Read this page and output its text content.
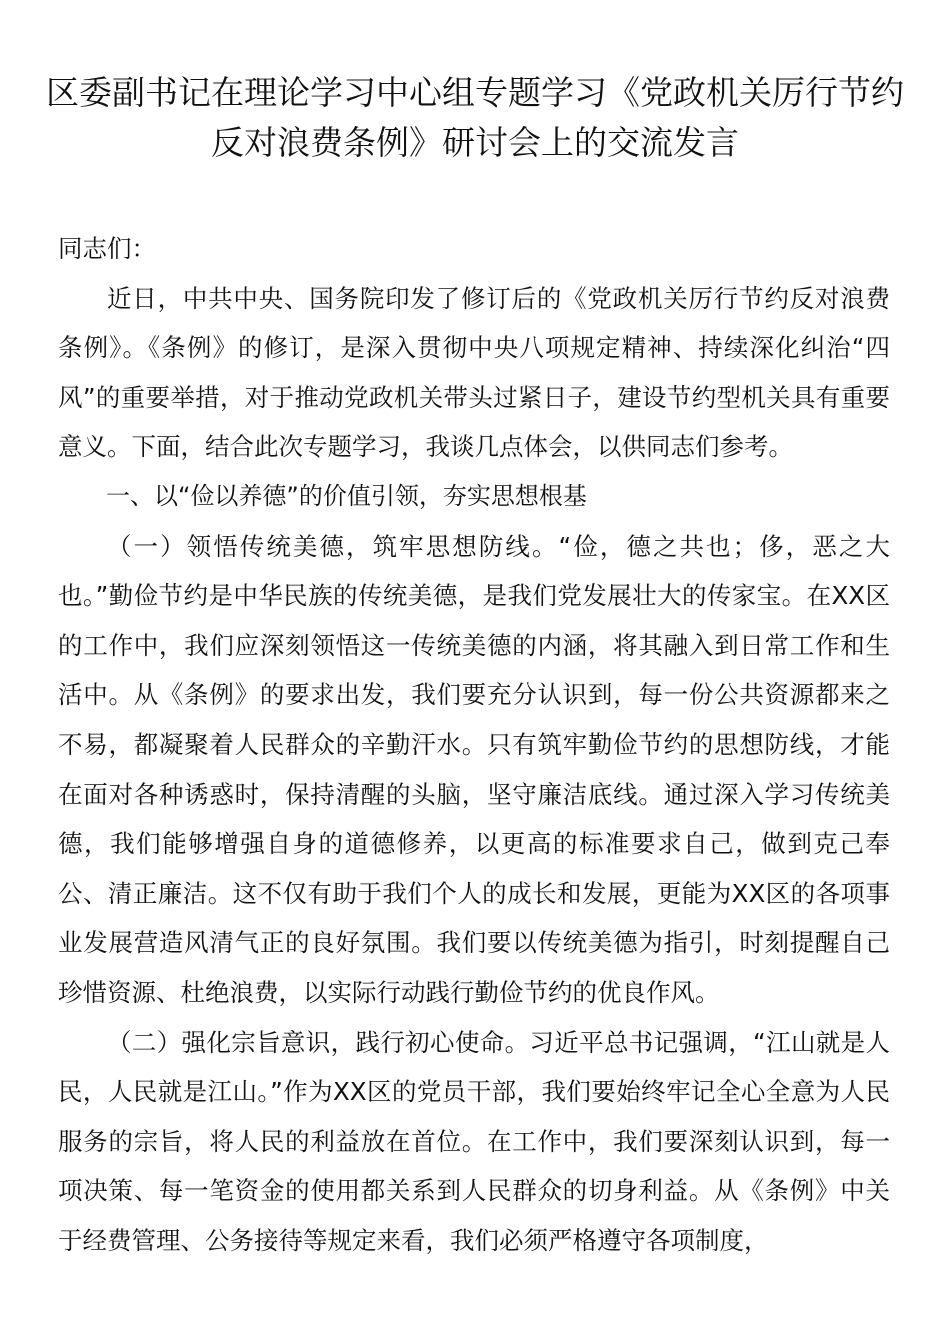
区委副书记在理论学习中心组专题学习《党政机关厉行节约反对浪费条例》研讨会上的交流发言

同志们：

近日，中共中央、国务院印发了修订后的《党政机关厉行节约反对浪费条例》。《条例》的修订，是深入贯彻中央八项规定精神、持续深化纠治“四风”的重要举措，对于推动党政机关带头过紧日子，建设节约型机关具有重要意义。下面，结合此次专题学习，我谈几点体会，以供同志们参考。

一、以“俭以养德”的价值引领，夯实思想根基

（一）领悟传统美德，筑牢思想防线。“俭，德之共也；侈，恶之大也。”勤俭节约是中华民族的传统美德，是我们党发展壮大的传家宝。在XX区的工作中，我们应深刻领悟这一传统美德的内涵，将其融入到日常工作和生活中。从《条例》的要求出发，我们要充分认识到，每一份公共资源都来之不易，都凝聚着人民群众的辛勤汗水。只有筑牢勤俭节约的思想防线，才能在面对各种诱惑时，保持清醒的头脑，坚守廉洁底线。通过深入学习传统美德，我们能够增强自身的道德修养，以更高的标准要求自己，做到克己奉公、清正廉洁。这不仅有助于我们个人的成长和发展，更能为XX区的各项事业发展营造风清气正的良好氛围。我们要以传统美德为指引，时刻提醒自己珍惜资源、杜绝浪费，以实际行动践行勤俭节约的优良作风。

（二）强化宗旨意识，践行初心使命。习近平总书记强调，“江山就是人民，人民就是江山。”作为XX区的党员干部，我们要始终牢记全心全意为人民服务的宗旨，将人民的利益放在首位。在工作中，我们要深刻认识到，每一项决策、每一笔资金的使用都关系到人民群众的切身利益。从《条例》中关于经费管理、公务接待等规定来看，我们必须严格遵守各项制度，
